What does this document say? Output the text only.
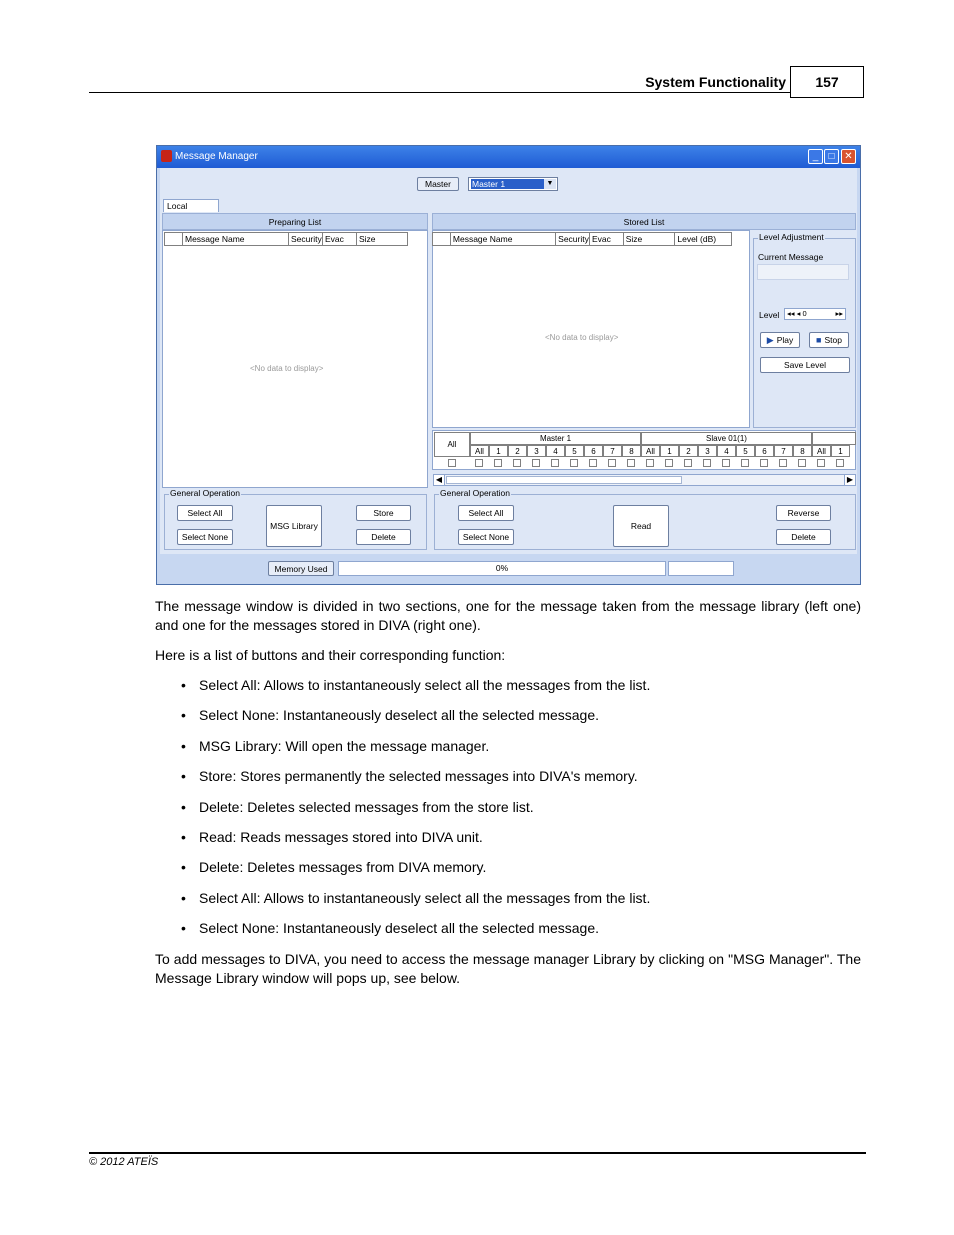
System Functionality	157
Message Manager	_	□ ✕
Master	Master 1	▼
Local
Preparing List
Message Name	Security Evac	Size
<No data to display>
Stored List
Message Name	Security Evac	Size	Level (dB)
<No data to display>
Level Adjustment
Current Message
Level	◂◂ ◂ 0	▸▸
▶ Play	■ Stop
Save Level
All
Master 1	Slave 01(1)
◀	▶
General Operation
Select All
Select None
MSG Library
Store
Delete
General Operation
Select All
Select None
Read
Reverse
Delete
Memory Used	0%
All	1	2	3	4	5	6	7	8	All	1	2	3	4	5	6	7	8	All	1
The message window is divided in two sections, one for the message taken from the message library (left one) and one for the messages stored in DIVA (right one).
Here is a list of buttons and their corresponding function:
• Select All: Allows to instantaneously select all the messages from the list.
• Select None: Instantaneously deselect all the selected message.
• MSG Library: Will open the message manager.
• Store: Stores permanently the selected messages into DIVA's memory.
• Delete: Deletes selected messages from the store list.
• Read: Reads messages stored into DIVA unit.
• Delete: Deletes messages from DIVA memory.
• Select All: Allows to instantaneously select all the messages from the list.
• Select None: Instantaneously deselect all the selected message.
To add messages to DIVA, you need to access the message manager Library by clicking on "MSG Manager". The Message Library window will pops up, see below.
© 2012 ATEÏS
